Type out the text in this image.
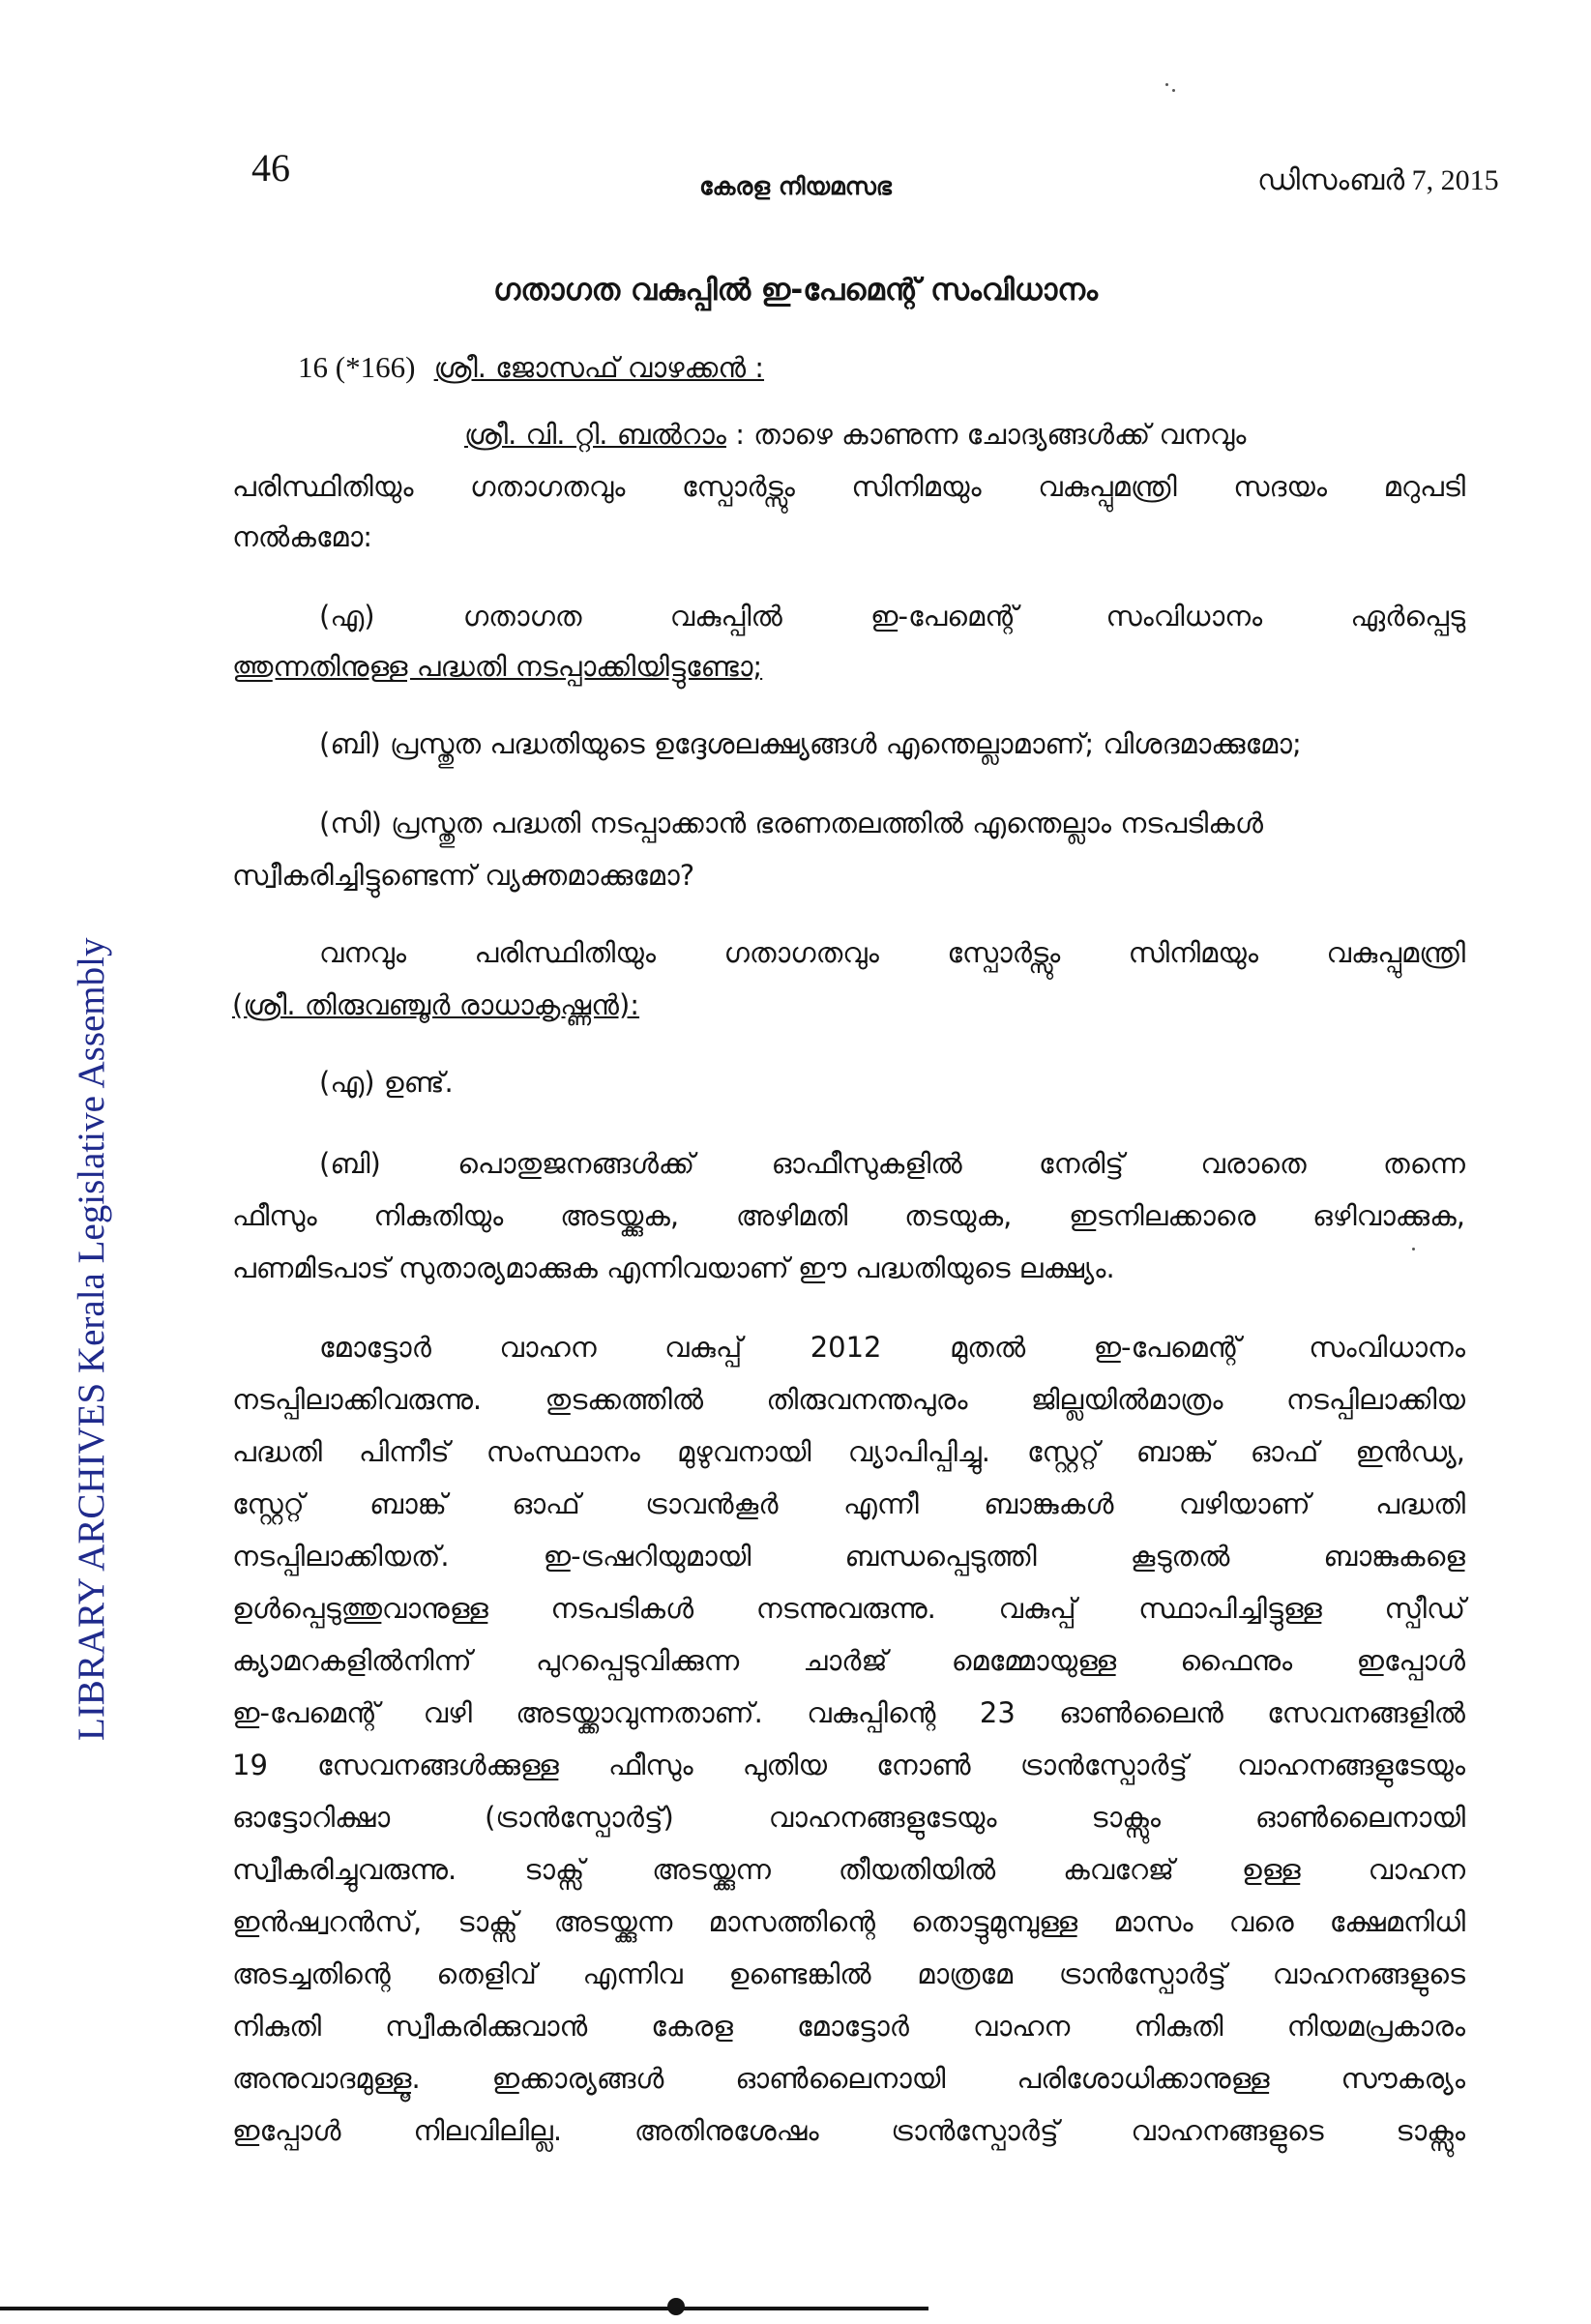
46	കേരള നിയമസഭ	ഡിസംബർ 7, 2015
LIBRARY ARCHIVES Kerala Legislative Assembly
ഗതാഗത വകുപ്പിൽ ഇ-പേമെന്റ് സംവിധാനം
16 (*166) ശ്രീ. ജോസഫ് വാഴക്കൻ :
ശ്രീ. വി. റ്റി. ബൽറാം : താഴെ കാണുന്ന ചോദ്യങ്ങൾക്ക് വനവും
പരിസ്ഥിതിയും ഗതാഗതവും സ്പോർട്സും സിനിമയും വകുപ്പുമന്ത്രി സദയം മറുപടി
നൽകമോ:
(എ) ഗതാഗത വകുപ്പിൽ ഇ-പേമെന്റ് സംവിധാനം ഏർപ്പെടു
ത്തുന്നതിനുള്ള പദ്ധതി നടപ്പാക്കിയിട്ടുണ്ടോ;
(ബി) പ്രസ്തുത പദ്ധതിയുടെ ഉദ്ദേശലക്ഷ്യങ്ങൾ എന്തെല്ലാമാണ്; വിശദമാക്കുമോ;
(സി) പ്രസ്തുത പദ്ധതി നടപ്പാക്കാൻ ഭരണതലത്തിൽ എന്തെല്ലാം നടപടികൾ
സ്വീകരിച്ചിട്ടുണ്ടെന്ന് വ്യക്തമാക്കുമോ?
വനവും പരിസ്ഥിതിയും ഗതാഗതവും സ്പോർട്സും സിനിമയും വകുപ്പുമന്ത്രി
(ശ്രീ. തിരുവഞ്ചൂർ രാധാകൃഷ്ണൻ):
(എ) ഉണ്ട്.
(ബി) പൊതുജനങ്ങൾക്ക് ഓഫീസുകളിൽ നേരിട്ട് വരാതെ തന്നെ
ഫീസും നികുതിയും അടയ്ക്കുക, അഴിമതി തടയുക, ഇടനിലക്കാരെ ഒഴിവാക്കുക,
പണമിടപാട് സുതാര്യമാക്കുക എന്നിവയാണ് ഈ പദ്ധതിയുടെ ലക്ഷ്യം.
മോട്ടോർ വാഹന വകുപ്പ് 2012 മുതൽ ഇ-പേമെന്റ് സംവിധാനം
നടപ്പിലാക്കിവരുന്നു. തുടക്കത്തിൽ തിരുവനന്തപുരം ജില്ലയിൽമാത്രം നടപ്പിലാക്കിയ
പദ്ധതി പിന്നീട് സംസ്ഥാനം മുഴുവനായി വ്യാപിപ്പിച്ചു. സ്റ്റേറ്റ് ബാങ്ക് ഓഫ് ഇൻഡ്യ,
സ്റ്റേറ്റ് ബാങ്ക് ഓഫ് ട്രാവൻകൂർ എന്നീ ബാങ്കുകൾ വഴിയാണ് പദ്ധതി
നടപ്പിലാക്കിയത്. ഇ-ട്രഷറിയുമായി ബന്ധപ്പെടുത്തി കൂടുതൽ ബാങ്കുകളെ
ഉൾപ്പെടുത്തുവാനുള്ള നടപടികൾ നടന്നുവരുന്നു. വകുപ്പ് സ്ഥാപിച്ചിട്ടുള്ള സ്പീഡ്
ക്യാമറകളിൽനിന്ന് പുറപ്പെടുവിക്കുന്ന ചാർജ് മെമ്മോയുള്ള ഫൈനും ഇപ്പോൾ
ഇ-പേമെന്റ് വഴി അടയ്ക്കാവുന്നതാണ്. വകുപ്പിന്റെ 23 ഓൺലൈൻ സേവനങ്ങളിൽ
19 സേവനങ്ങൾക്കുള്ള ഫീസും പുതിയ നോൺ ട്രാൻസ്പോർട്ട് വാഹനങ്ങളുടേയും
ഓട്ടോറിക്ഷാ (ട്രാൻസ്പോർട്ട്) വാഹനങ്ങളുടേയും ടാക്സും ഓൺലൈനായി
സ്വീകരിച്ചുവരുന്നു. ടാക്സ് അടയ്ക്കുന്ന തീയതിയിൽ കവറേജ് ഉള്ള വാഹന
ഇൻഷ്വറൻസ്, ടാക്സ് അടയ്ക്കുന്ന മാസത്തിന്റെ തൊട്ടുമുമ്പുള്ള മാസം വരെ ക്ഷേമനിധി
അടച്ചതിന്റെ തെളിവ് എന്നിവ ഉണ്ടെങ്കിൽ മാത്രമേ ട്രാൻസ്പോർട്ട് വാഹനങ്ങളുടെ
നികുതി സ്വീകരിക്കുവാൻ കേരള മോട്ടോർ വാഹന നികുതി നിയമപ്രകാരം
അനുവാദമുള്ളൂ. ഇക്കാര്യങ്ങൾ ഓൺലൈനായി പരിശോധിക്കാനുള്ള സൗകര്യം
ഇപ്പോൾ നിലവിലില്ല. അതിനുശേഷം ട്രാൻസ്പോർട്ട് വാഹനങ്ങളുടെ ടാക്സും
